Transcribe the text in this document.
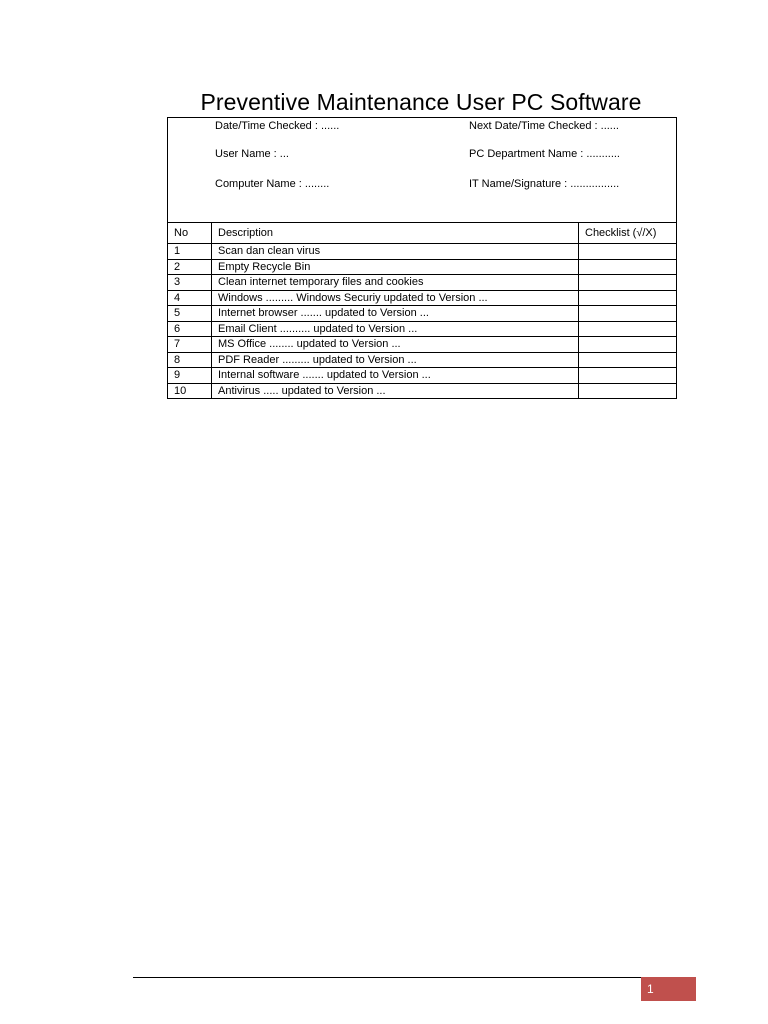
Preventive Maintenance User PC Software
Date/Time Checked : ......	Next Date/Time Checked : ......
User Name : ...	PC Department Name : ...........
Computer Name : ........	IT Name/Signature : ................
No	Description	Checklist (√/X)
1	Scan dan clean virus	
2	Empty Recycle Bin	
3	Clean internet temporary files and cookies	
4	Windows ......... Windows Securiy updated to Version ...	
5	Internet browser ....... updated to Version ...	
6	Email Client .......... updated to Version ...	
7	MS Office ........ updated to Version ...	
8	PDF Reader ......... updated to Version ...	
9	Internal software ....... updated to Version ...	
10	Antivirus ..... updated to Version ...	
1
